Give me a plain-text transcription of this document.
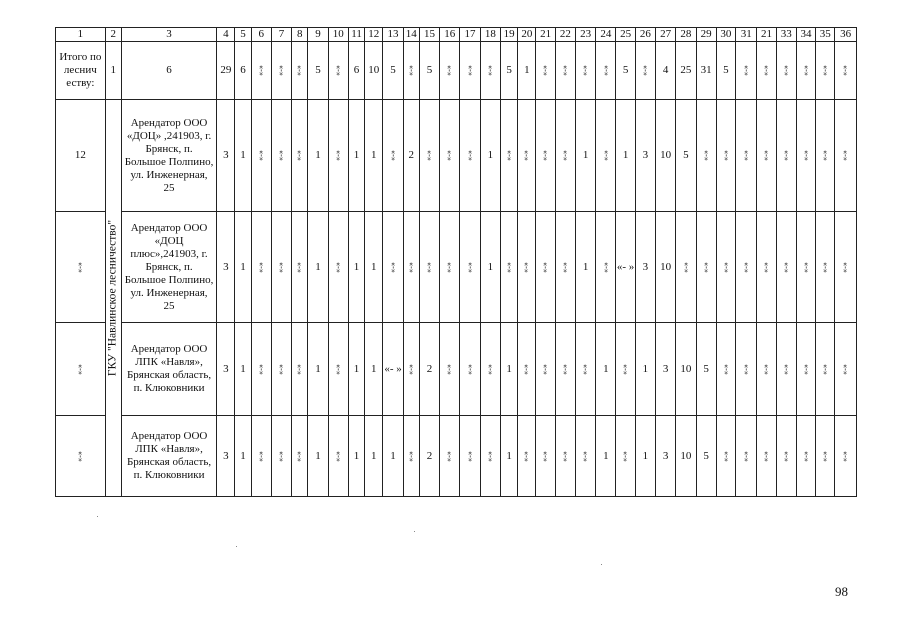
1	2	3	4	5	6	7	8	9	10	11	12	13	14	15	16	17	18	19	20	21	22	23	24	25	26	27	28	29	30	31	21	33	34	35	36
Итого по леснич еству:	1	6	29	6	«-»	«-»	«-»	5	«-»	6	10	5	«-»	5	«-»	«-»	«-»	5	1	«-»	«-»	«-»	«-»	5	«-»	4	25	31	5	«-»	«-»	«-»	«-»	«-»	«-»
12	ГКУ "Навлинское лесничество"	Арендатор ООО «ДОЦ» ,241903, г. Брянск, п. Большое Полпино, ул. Инженерная, 25	3	1	«-»	«-»	«-»	1	«-»	1	1	«-»	2	«-»	«-»	«-»	1	«-»	«-»	«-»	«-»	1	«-»	1	3	10	5	«-»	«-»	«-»	«-»	«-»	«-»	«-»	«-»
«-»		Арендатор ООО «ДОЦ плюс»,241903, г. Брянск, п. Большое Полпино, ул. Инженерная, 25	3	1	«-»	«-»	«-»	1	«-»	1	1	«-»	«-»	«-»	«-»	«-»	1	«-»	«-»	«-»	«-»	1	«-»	«- »	3	10	«-»	«-»	«-»	«-»	«-»	«-»	«-»	«-»	«-»
«-»		Арендатор ООО ЛПК «Навля», Брянская область, п. Клюковники	3	1	«-»	«-»	«-»	1	«-»	1	1	«- »	«-»	2	«-»	«-»	«-»	1	«-»	«-»	«-»	«-»	1	«-»	1	3	10	5	«-»	«-»	«-»	«-»	«-»	«-»	«-»
«-»		Арендатор ООО ЛПК «Навля», Брянская область, п. Клюковники	3	1	«-»	«-»	«-»	1	«-»	1	1	1	«-»	2	«-»	«-»	«-»	1	«-»	«-»	«-»	«-»	1	«-»	1	3	10	5	«-»	«-»	«-»	«-»	«-»	«-»	«-»
98
